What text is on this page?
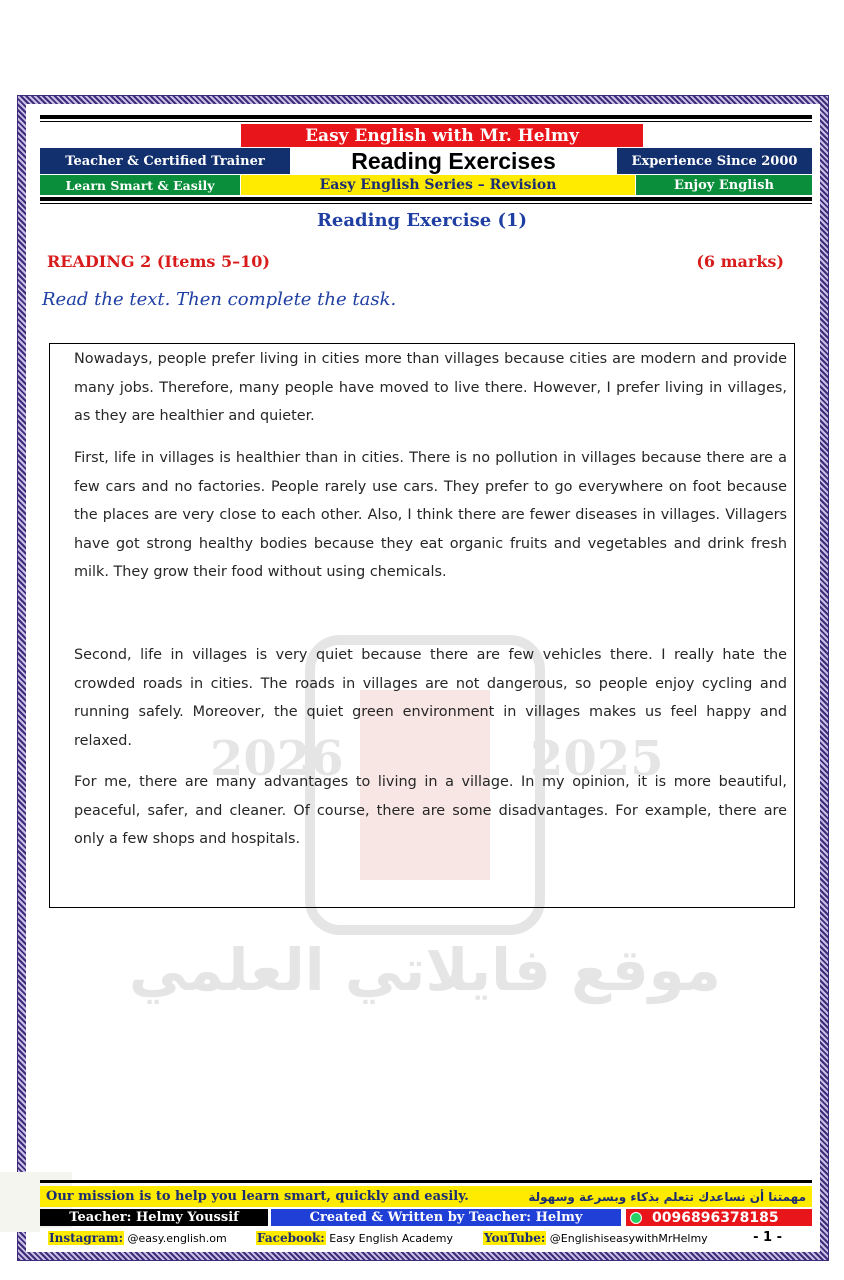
Easy English with Mr. Helmy
Teacher & Certified Trainer	Reading Exercises	Experience Since 2000
Learn Smart & Easily	Easy English Series – Revision	Enjoy English
Reading Exercise (1)
READING 2 (Items 5–10)	(6 marks)
Read the text. Then complete the task.

Nowadays, people prefer living in cities more than villages because cities are modern and provide many jobs. Therefore, many people have moved to live there. However, I prefer living in villages, as they are healthier and quieter.

First, life in villages is healthier than in cities. There is no pollution in villages because there are a few cars and no factories. People rarely use cars. They prefer to go everywhere on foot because the places are very close to each other. Also, I think there are fewer diseases in villages. Villagers have got strong healthy bodies because they eat organic fruits and vegetables and drink fresh milk. They grow their food without using chemicals.

Second, life in villages is very quiet because there are few vehicles there. I really hate the crowded roads in cities. The roads in villages are not dangerous, so people enjoy cycling and running safely. Moreover, the quiet green environment in villages makes us feel happy and relaxed.

For me, there are many advantages to living in a village. In my opinion, it is more beautiful, peaceful, safer, and cleaner. Of course, there are some disadvantages. For example, there are only a few shops and hospitals.

Our mission is to help you learn smart, quickly and easily.	مهمتنا أن نساعدك تتعلم بذكاء وبسرعة وسهولة
Teacher: Helmy Youssif	Created & Written by Teacher: Helmy	0096896378185
Instagram: @easy.english.om	Facebook: Easy English Academy	YouTube: @EnglishiseasywithMrHelmy	- 1 -
